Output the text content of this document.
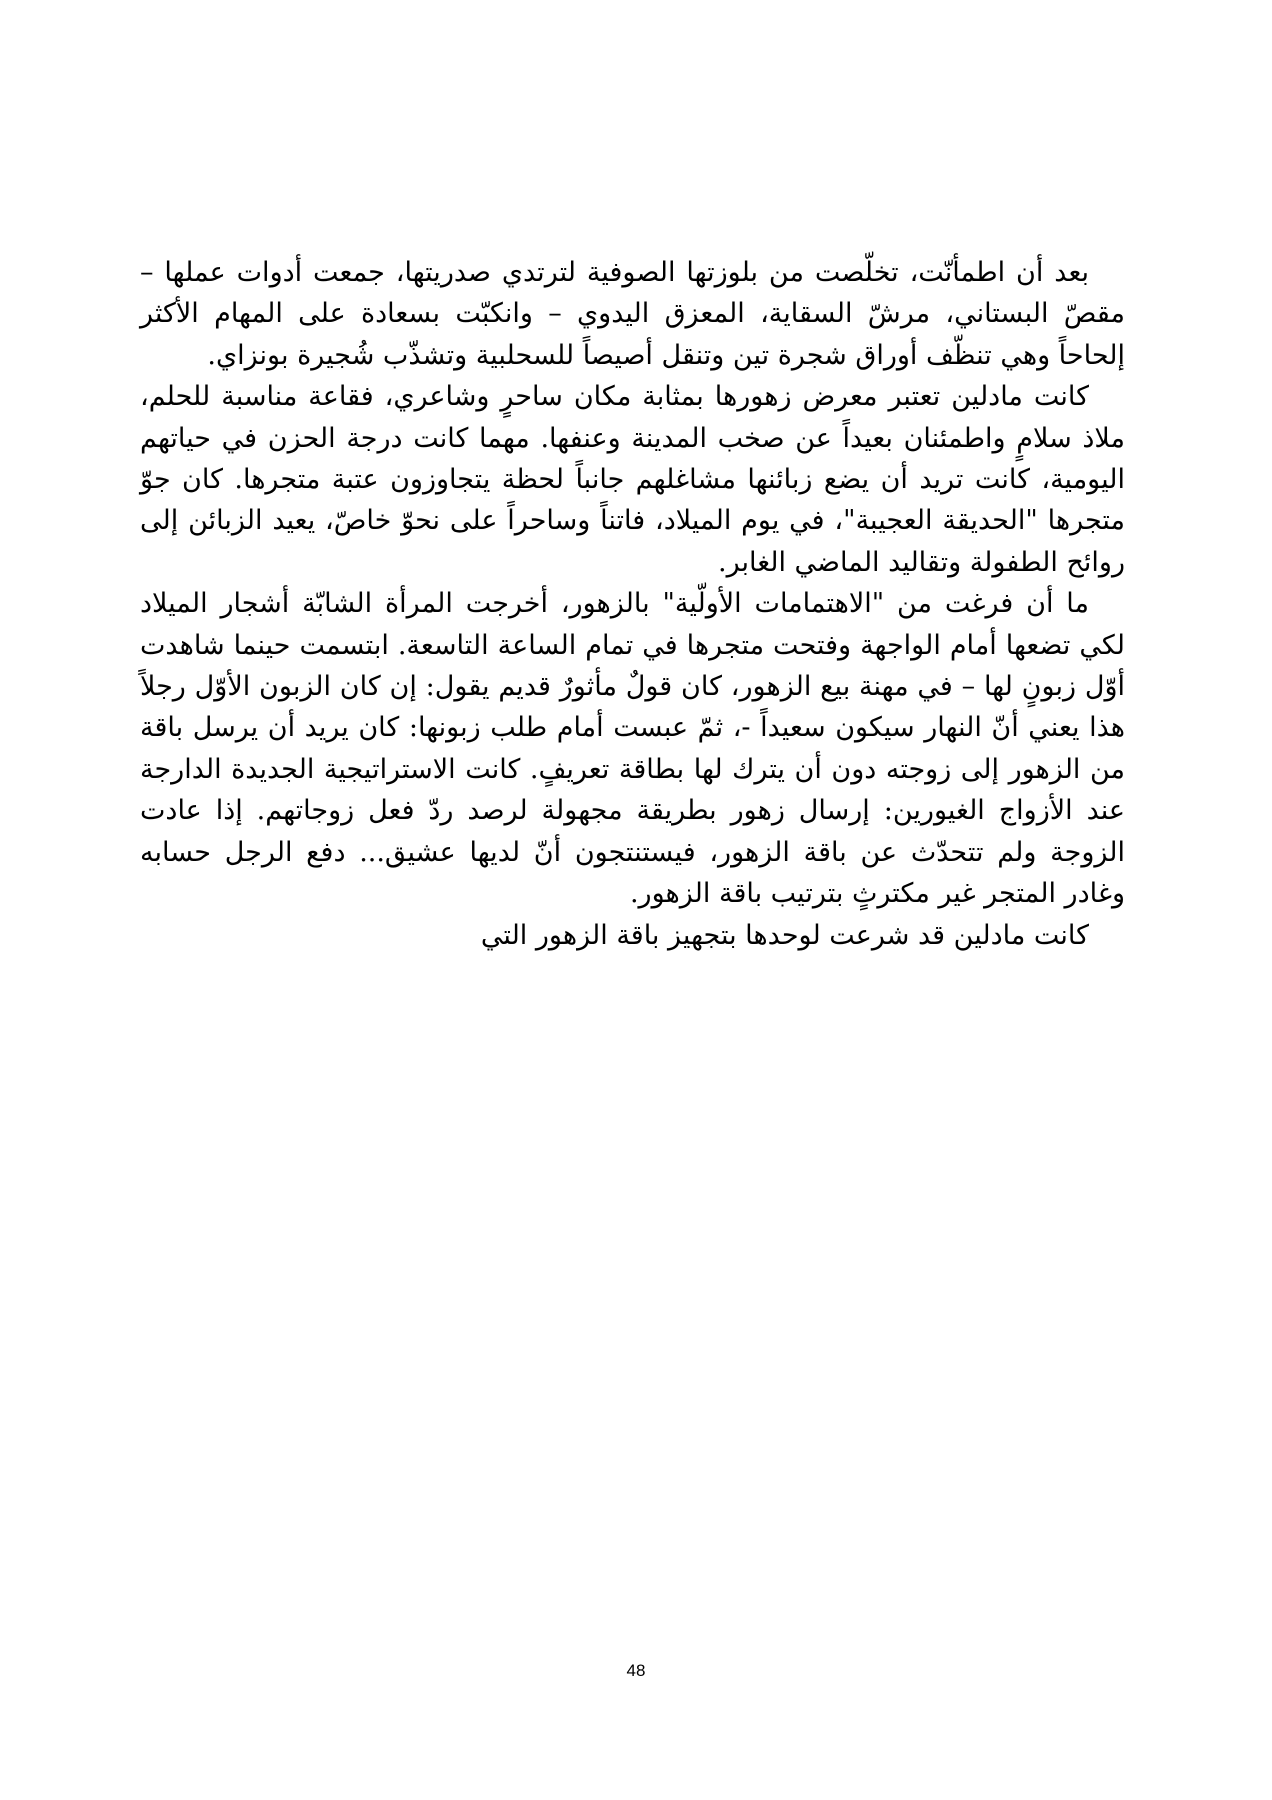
بعد أن اطمأنّت، تخلّصت من بلوزتها الصوفية لترتدي صدريتها، جمعت أدوات عملها – مقصّ البستاني، مرشّ السقاية، المعزق اليدوي – وانكبّت بسعادة على المهام الأكثر إلحاحاً وهي تنظّف أوراق شجرة تين وتنقل أصيصاً للسحلبية وتشذّب شُجيرة بونزاي.

كانت مادلين تعتبر معرض زهورها بمثابة مكان ساحرٍ وشاعري، فقاعة مناسبة للحلم، ملاذ سلامٍ واطمئنان بعيداً عن صخب المدينة وعنفها. مهما كانت درجة الحزن في حياتهم اليومية، كانت تريد أن يضع زبائنها مشاغلهم جانباً لحظة يتجاوزون عتبة متجرها. كان جوّ متجرها "الحديقة العجيبة"، في يوم الميلاد، فاتناً وساحراً على نحوّ خاصّ، يعيد الزبائن إلى روائح الطفولة وتقاليد الماضي الغابر.

ما أن فرغت من "الاهتمامات الأولّية" بالزهور، أخرجت المرأة الشابّة أشجار الميلاد لكي تضعها أمام الواجهة وفتحت متجرها في تمام الساعة التاسعة. ابتسمت حينما شاهدت أوّل زبونٍ لها – في مهنة بيع الزهور، كان قولٌ مأثورٌ قديم يقول: إن كان الزبون الأوّل رجلاً هذا يعني أنّ النهار سيكون سعيداً -، ثمّ عبست أمام طلب زبونها: كان يريد أن يرسل باقة من الزهور إلى زوجته دون أن يترك لها بطاقة تعريفٍ. كانت الاستراتيجية الجديدة الدارجة عند الأزواج الغيورين: إرسال زهور بطريقة مجهولة لرصد ردّ فعل زوجاتهم. إذا عادت الزوجة ولم تتحدّث عن باقة الزهور، فيستنتجون أنّ لديها عشيق... دفع الرجل حسابه وغادر المتجر غير مكترثٍ بترتيب باقة الزهور.

كانت مادلين قد شرعت لوحدها بتجهيز باقة الزهور التي

48
